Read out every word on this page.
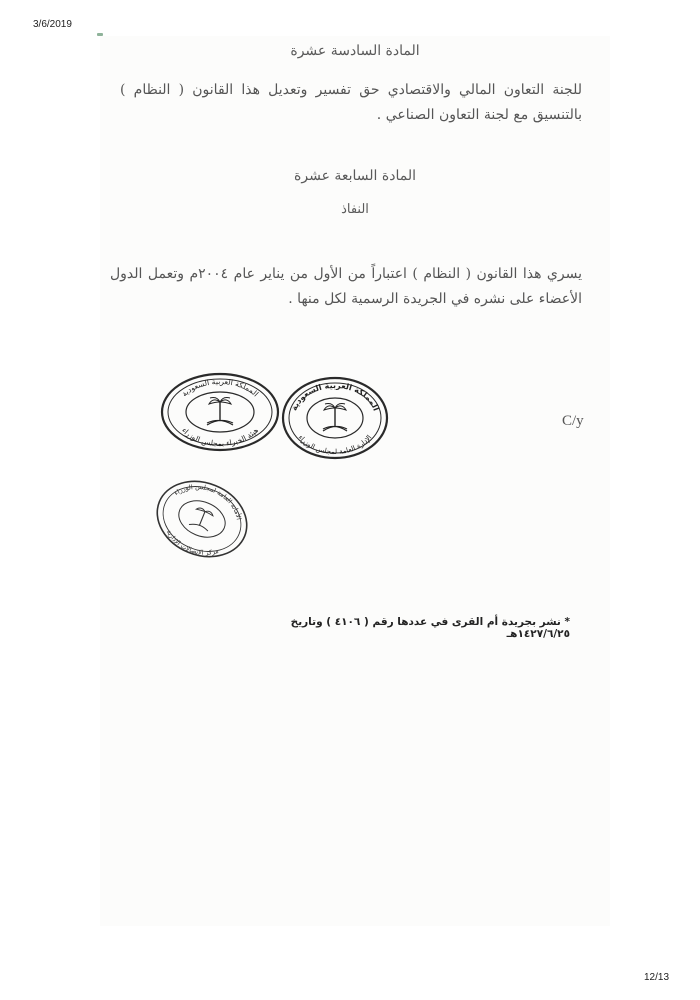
3/6/2019
المادة السادسة عشرة
للجنة التعاون المالي والاقتصادي حق تفسير وتعديل هذا القانون ( النظام ) بالتنسيق مع لجنة التعاون الصناعي .
المادة السابعة عشرة
النفاذ
يسري هذا القانون ( النظام ) اعتباراً من الأول من يناير عام ٢٠٠٤م وتعمل الدول الأعضاء على نشره في الجريدة الرسمية لكل منها .
المملكة العربية السعودية
هيئة الخبراء بمجلس الوزراء
المملكة العربية السعودية
الإدارة العامة لمجلس الوزراء
C/y
الأمانة العامة لمجلس الوزراء
مركز الاتصالات الإدارية
* نشر بجريدة أم القرى في عددها رقم ( ٤١٠٦ ) وتاريخ ١٤٢٧/٦/٢٥هـ
12/13
